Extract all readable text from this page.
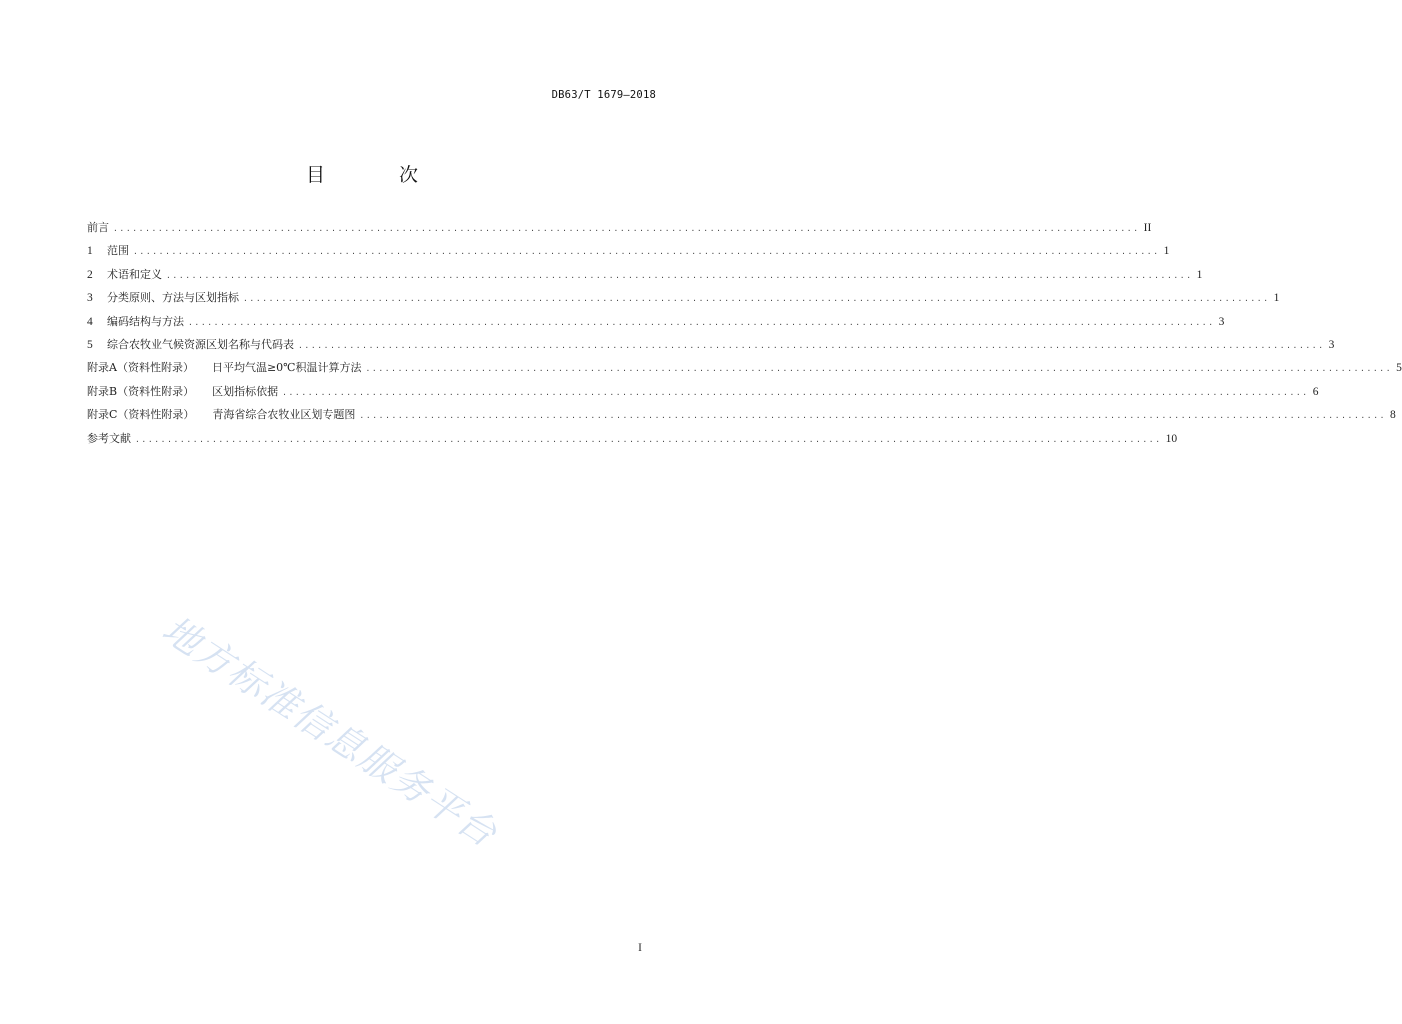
DB63/T 1679—2018
目 次
前言 ................................................................................................................................................................ II
1	范围 ................................................................................................................................................................ 1
2	术语和定义 ................................................................................................................................................................ 1
3	分类原则、方法与区划指标 ................................................................................................................................................................ 1
4	编码结构与方法 ................................................................................................................................................................ 3
5	综合农牧业气候资源区划名称与代码表 ................................................................................................................................................................ 3
附录A（资料性附录） 日平均气温≥0℃积温计算方法 ................................................................................................................................................................ 5
附录B（资料性附录） 区划指标依据 ................................................................................................................................................................ 6
附录C（资料性附录） 青海省综合农牧业区划专题图 ................................................................................................................................................................ 8
参考文献 ................................................................................................................................................................ 10
地方标准信息服务平台
I
